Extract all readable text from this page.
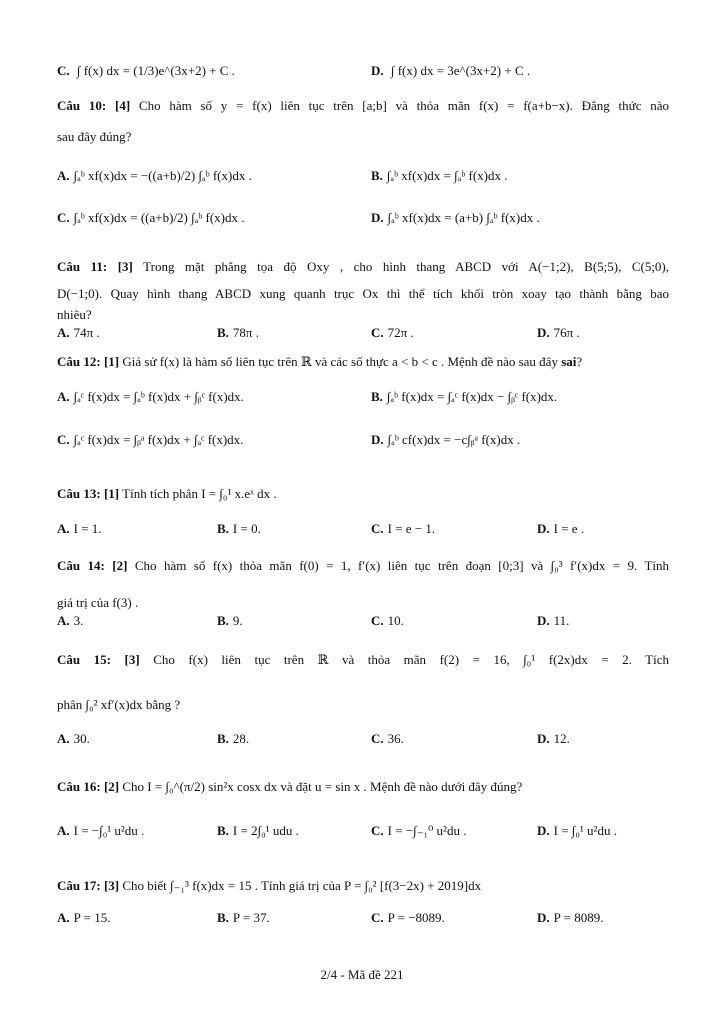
C. ∫ f(x) dx = (1/3)e^(3x+2) + C .	D. ∫ f(x) dx = 3e^(3x+2) + C .
Câu 10: [4] Cho hàm số y = f(x) liên tục trên [a;b] và thỏa mãn f(x) = f(a+b−x). Đẳng thức nào
sau đây đúng?
A. ∫ₐᵇ xf(x)dx = −((a+b)/2) ∫ₐᵇ f(x)dx .	B. ∫ₐᵇ xf(x)dx = ∫ₐᵇ f(x)dx .
C. ∫ₐᵇ xf(x)dx = ((a+b)/2) ∫ₐᵇ f(x)dx .	D. ∫ₐᵇ xf(x)dx = (a+b) ∫ₐᵇ f(x)dx .
Câu 11: [3] Trong mặt phẳng tọa độ Oxy , cho hình thang ABCD với A(−1;2), B(5;5), C(5;0),
D(−1;0). Quay hình thang ABCD xung quanh trục Ox thì thể tích khối tròn xoay tạo thành bằng bao
nhiêu?
A. 74π .	B. 78π .	C. 72π .	D. 76π .
Câu 12: [1] Giả sử f(x) là hàm số liên tục trên ℝ và các số thực a < b < c . Mệnh đề nào sau đây sai?
A. ∫ₐᶜ f(x)dx = ∫ₐᵇ f(x)dx + ∫ᵦᶜ f(x)dx.	B. ∫ₐᵇ f(x)dx = ∫ₐᶜ f(x)dx − ∫ᵦᶜ f(x)dx.
C. ∫ₐᶜ f(x)dx = ∫ᵦᵃ f(x)dx + ∫ₐᶜ f(x)dx.	D. ∫ₐᵇ cf(x)dx = −c∫ᵦᵃ f(x)dx .
Câu 13: [1] Tính tích phân I = ∫₀¹ x.eˣ dx .
A. I = 1.	B. I = 0.	C. I = e − 1.	D. I = e .
Câu 14: [2] Cho hàm số f(x) thỏa mãn f(0) = 1, f′(x) liên tục trên đoạn [0;3] và ∫₀³ f′(x)dx = 9. Tính
giá trị của f(3) .
A. 3.	B. 9.	C. 10.	D. 11.
Câu 15: [3] Cho f(x) liên tục trên ℝ và thỏa mãn f(2) = 16, ∫₀¹ f(2x)dx = 2. Tích
phân ∫₀² xf′(x)dx bằng ?
A. 30.	B. 28.	C. 36.	D. 12.
Câu 16: [2] Cho I = ∫₀^(π/2) sin²x cosx dx và đặt u = sin x . Mệnh đề nào dưới đây đúng?
A. I = −∫₀¹ u²du .	B. I = 2∫₀¹ udu .	C. I = −∫₋₁⁰ u²du .	D. I = ∫₀¹ u²du .
Câu 17: [3] Cho biết ∫₋₁³ f(x)dx = 15 . Tính giá trị của P = ∫₀² [f(3−2x) + 2019]dx
A. P = 15.	B. P = 37.	C. P = −8089.	D. P = 8089.
2/4 - Mã đề 221
